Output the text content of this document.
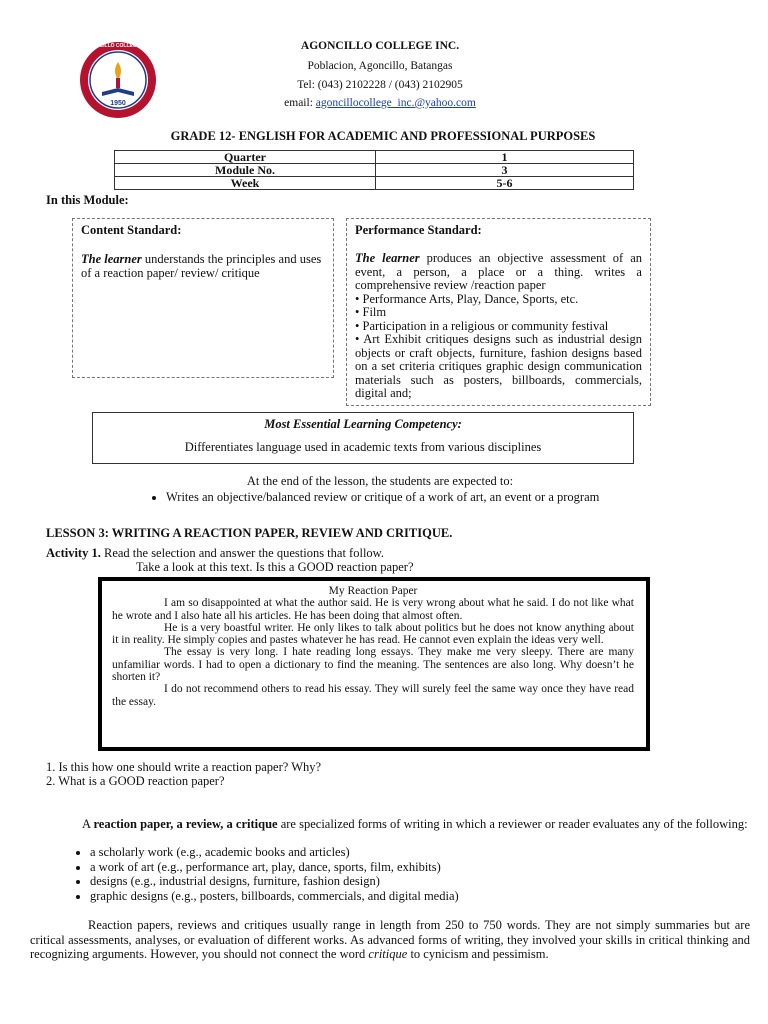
AGONCILLO COLLEGE INC.
1950
AGONCILLO COLLEGE INC.
Poblacion, Agoncillo, Batangas
Tel: (043) 2102228 / (043) 2102905
email: agoncillocollege_inc.@yahoo.com
GRADE 12- ENGLISH FOR ACADEMIC AND PROFESSIONAL PURPOSES
Quarter	1
Module No.	3
Week	5-6
In this Module:
Content Standard:

The learner understands the principles and uses of a reaction paper/ review/ critique

Performance Standard:

The learner produces an objective assessment of an event, a person, a place or a thing. writes a comprehensive review /reaction paper

• Performance Arts, Play, Dance, Sports, etc.

• Film

• Participation in a religious or community festival

• Art Exhibit critiques designs such as industrial design objects or craft objects, furniture, fashion designs based on a set criteria critiques graphic design communication materials such as posters, billboards, commercials, digital and;

Most Essential Learning Competency:
Differentiates language used in academic texts from various disciplines
At the end of the lesson, the students are expected to:
• Writes an objective/balanced review or critique of a work of art, an event or a program
LESSON 3: WRITING A REACTION PAPER, REVIEW AND CRITIQUE.
Activity 1. Read the selection and answer the questions that follow.
Take a look at this text. Is this a GOOD reaction paper?
My Reaction Paper

I am so disappointed at what the author said. He is very wrong about what he said. I do not like what he wrote and I also hate all his articles. He has been doing that almost often.

He is a very boastful writer. He only likes to talk about politics but he does not know anything about it in reality. He simply copies and pastes whatever he has read. He cannot even explain the ideas very well.

The essay is very long. I hate reading long essays. They make me very sleepy. There are many unfamiliar words. I had to open a dictionary to find the meaning. The sentences are also long. Why doesn’t he shorten it?

I do not recommend others to read his essay. They will surely feel the same way once they have read the essay.

1. Is this how one should write a reaction paper? Why?
2. What is a GOOD reaction paper?
A reaction paper, a review, a critique are specialized forms of writing in which a reviewer or reader evaluates any of the following:
• a scholarly work (e.g., academic books and articles)
• a work of art (e.g., performance art, play, dance, sports, film, exhibits)
• designs (e.g., industrial designs, furniture, fashion design)
• graphic designs (e.g., posters, billboards, commercials, and digital media)
Reaction papers, reviews and critiques usually range in length from 250 to 750 words. They are not simply summaries but are critical assessments, analyses, or evaluation of different works. As advanced forms of writing, they involved your skills in critical thinking and recognizing arguments. However, you should not connect the word critique to cynicism and pessimism.
